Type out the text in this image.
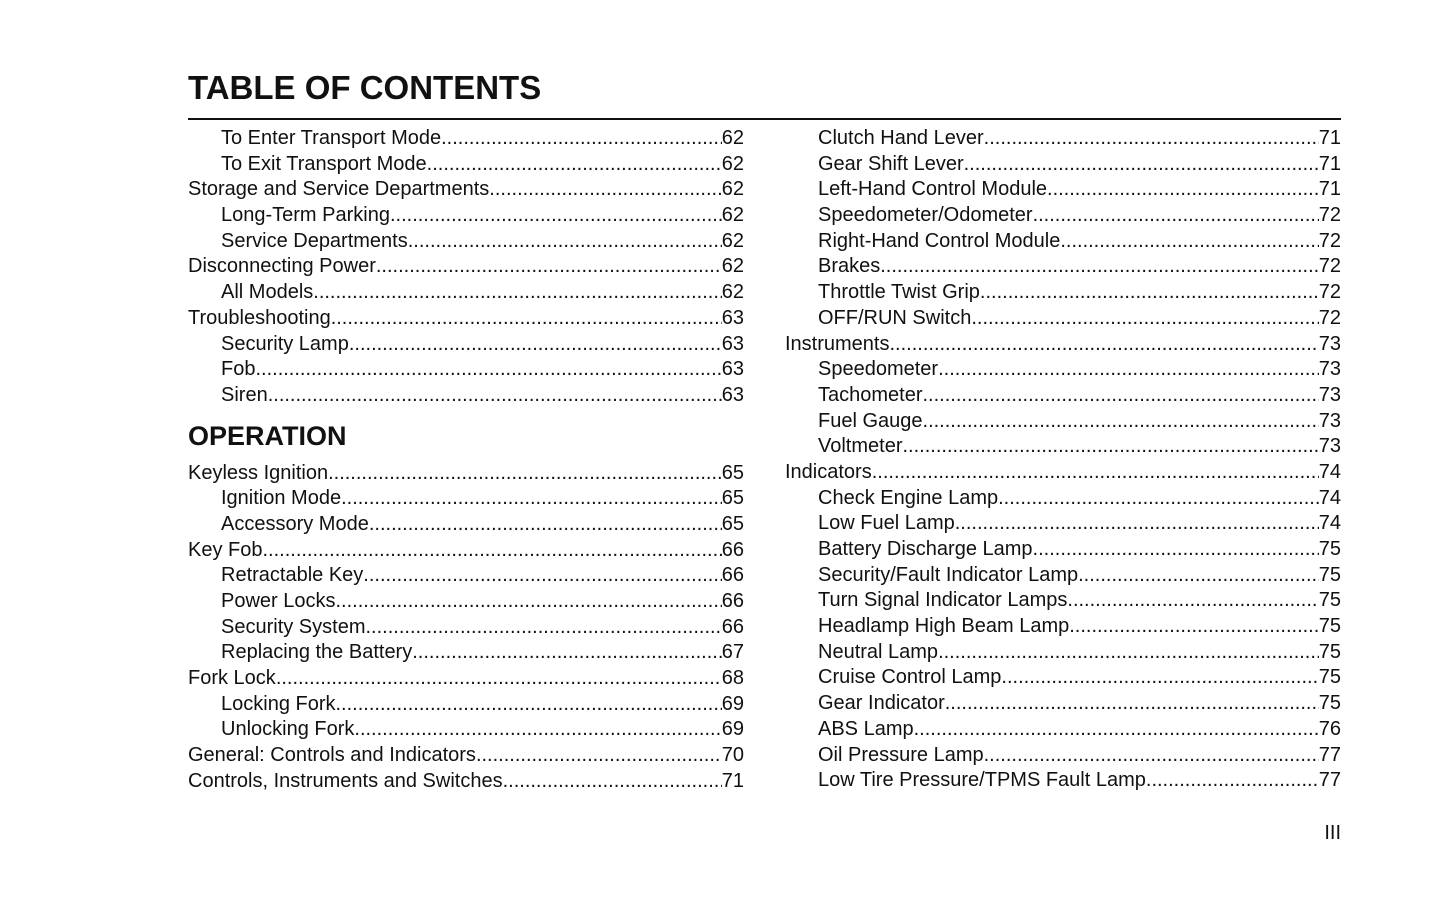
TABLE OF CONTENTS
To Enter Transport Mode .....	62
To Exit Transport Mode .....	62
Storage and Service Departments .....	62
Long-Term Parking .....	62
Service Departments .....	62
Disconnecting Power .....	62
All Models .....	62
Troubleshooting .....	63
Security Lamp .....	63
Fob .....	63
Siren .....	63
OPERATION
Keyless Ignition .....	65
Ignition Mode .....	65
Accessory Mode .....	65
Key Fob .....	66
Retractable Key .....	66
Power Locks .....	66
Security System .....	66
Replacing the Battery .....	67
Fork Lock .....	68
Locking Fork .....	69
Unlocking Fork .....	69
General: Controls and Indicators .....	70
Controls, Instruments and Switches .....	71
Clutch Hand Lever .....	71
Gear Shift Lever .....	71
Left-Hand Control Module .....	71
Speedometer/Odometer .....	72
Right-Hand Control Module .....	72
Brakes .....	72
Throttle Twist Grip .....	72
OFF/RUN Switch .....	72
Instruments .....	73
Speedometer .....	73
Tachometer .....	73
Fuel Gauge .....	73
Voltmeter .....	73
Indicators .....	74
Check Engine Lamp .....	74
Low Fuel Lamp .....	74
Battery Discharge Lamp .....	75
Security/Fault Indicator Lamp .....	75
Turn Signal Indicator Lamps .....	75
Headlamp High Beam Lamp .....	75
Neutral Lamp .....	75
Cruise Control Lamp .....	75
Gear Indicator .....	75
ABS Lamp .....	76
Oil Pressure Lamp .....	77
Low Tire Pressure/TPMS Fault Lamp .....	77
III
